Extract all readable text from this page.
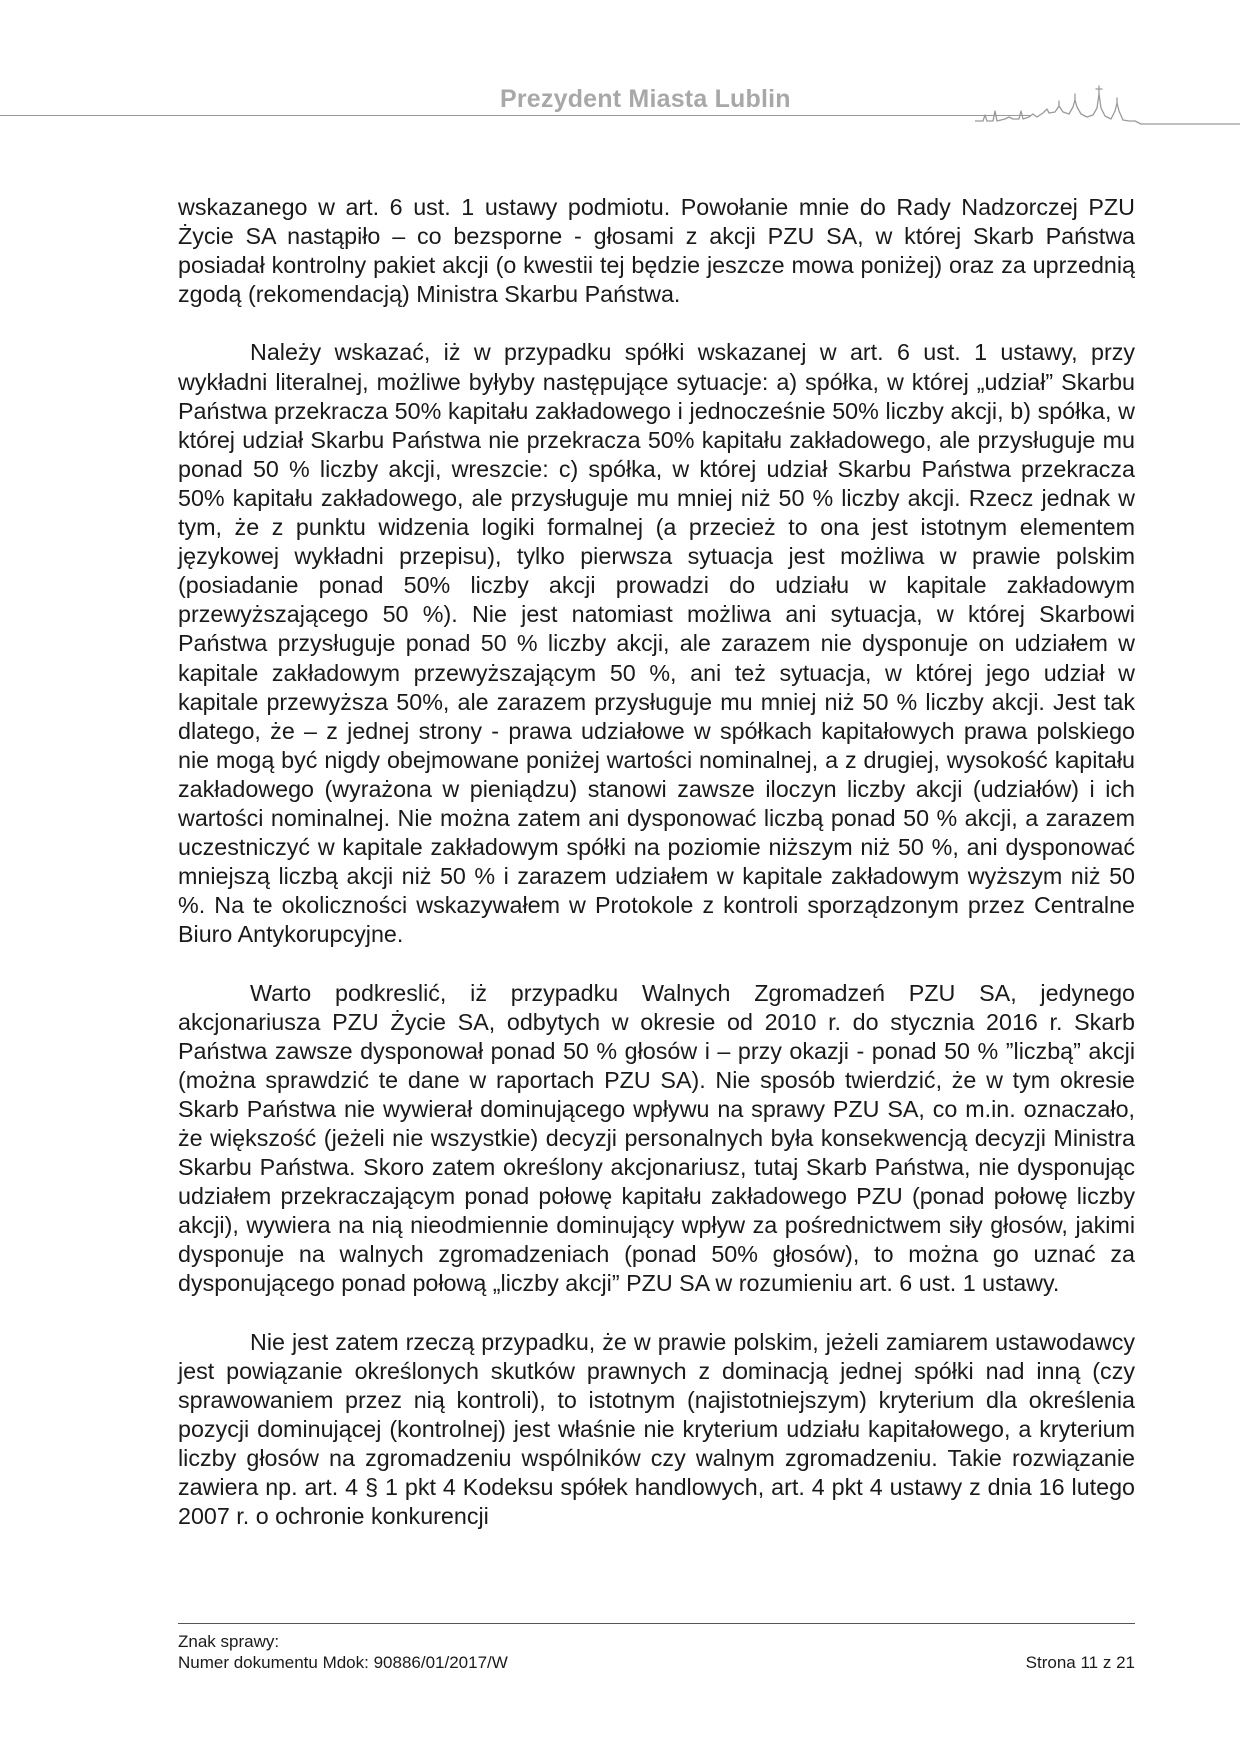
Prezydent Miasta Lublin

wskazanego w art. 6 ust. 1 ustawy podmiotu. Powołanie mnie do Rady Nadzorczej PZU Życie SA nastąpiło – co bezsporne - głosami z akcji PZU SA, w której Skarb Państwa posiadał kontrolny pakiet akcji (o kwestii tej będzie jeszcze mowa poniżej) oraz za uprzednią zgodą (rekomendacją) Ministra Skarbu Państwa.

Należy wskazać, iż w przypadku spółki wskazanej w art. 6 ust. 1 ustawy, przy wykładni literalnej, możliwe byłyby następujące sytuacje: a) spółka, w której „udział” Skarbu Państwa przekracza 50% kapitału zakładowego i jednocześnie 50% liczby akcji, b) spółka, w której udział Skarbu Państwa nie przekracza 50% kapitału zakładowego, ale przysługuje mu ponad 50 % liczby akcji, wreszcie: c) spółka, w której udział Skarbu Państwa przekracza 50% kapitału zakładowego, ale przysługuje mu mniej niż 50 % liczby akcji. Rzecz jednak w tym, że z punktu widzenia logiki formalnej (a przecież to ona jest istotnym elementem językowej wykładni przepisu), tylko pierwsza sytuacja jest możliwa w prawie polskim (posiadanie ponad 50% liczby akcji prowadzi do udziału w kapitale zakładowym przewyższającego 50 %). Nie jest natomiast możliwa ani sytuacja, w której Skarbowi Państwa przysługuje ponad 50 % liczby akcji, ale zarazem nie dysponuje on udziałem w kapitale zakładowym przewyższającym 50 %, ani też sytuacja, w której jego udział w kapitale przewyższa 50%, ale zarazem przysługuje mu mniej niż 50 % liczby akcji. Jest tak dlatego, że – z jednej strony - prawa udziałowe w spółkach kapitałowych prawa polskiego nie mogą być nigdy obejmowane poniżej wartości nominalnej, a z drugiej, wysokość kapitału zakładowego (wyrażona w pieniądzu) stanowi zawsze iloczyn liczby akcji (udziałów) i ich wartości nominalnej. Nie można zatem ani dysponować liczbą ponad 50 % akcji, a zarazem uczestniczyć w kapitale zakładowym spółki na poziomie niższym niż 50 %, ani dysponować mniejszą liczbą akcji niż 50 % i zarazem udziałem w kapitale zakładowym wyższym niż 50 %. Na te okoliczności wskazywałem w Protokole z kontroli sporządzonym przez Centralne Biuro Antykorupcyjne.

Warto podkreslić, iż przypadku Walnych Zgromadzeń PZU SA, jedynego akcjonariusza PZU Życie SA, odbytych w okresie od 2010 r. do stycznia 2016 r. Skarb Państwa zawsze dysponował ponad 50 % głosów i – przy okazji - ponad 50 % ”liczbą” akcji (można sprawdzić te dane w raportach PZU SA). Nie sposób twierdzić, że w tym okresie Skarb Państwa nie wywierał dominującego wpływu na sprawy PZU SA, co m.in. oznaczało, że większość (jeżeli nie wszystkie) decyzji personalnych była konsekwencją decyzji Ministra Skarbu Państwa. Skoro zatem określony akcjonariusz, tutaj Skarb Państwa, nie dysponując udziałem przekraczającym ponad połowę kapitału zakładowego PZU (ponad połowę liczby akcji), wywiera na nią nieodmiennie dominujący wpływ za pośrednictwem siły głosów, jakimi dysponuje na walnych zgromadzeniach (ponad 50% głosów), to można go uznać za dysponującego ponad połową „liczby akcji” PZU SA w rozumieniu art. 6 ust. 1 ustawy.

Nie jest zatem rzeczą przypadku, że w prawie polskim, jeżeli zamiarem ustawodawcy jest powiązanie określonych skutków prawnych z dominacją jednej spółki nad inną (czy sprawowaniem przez nią kontroli), to istotnym (najistotniejszym) kryterium dla określenia pozycji dominującej (kontrolnej) jest właśnie nie kryterium udziału kapitałowego, a kryterium liczby głosów na zgromadzeniu wspólników czy walnym zgromadzeniu. Takie rozwiązanie zawiera np. art. 4 § 1 pkt 4 Kodeksu spółek handlowych, art. 4 pkt 4 ustawy z dnia 16 lutego 2007 r. o ochronie konkurencji

Znak sprawy:
Numer dokumentu Mdok: 90886/01/2017/W	Strona 11 z 21
